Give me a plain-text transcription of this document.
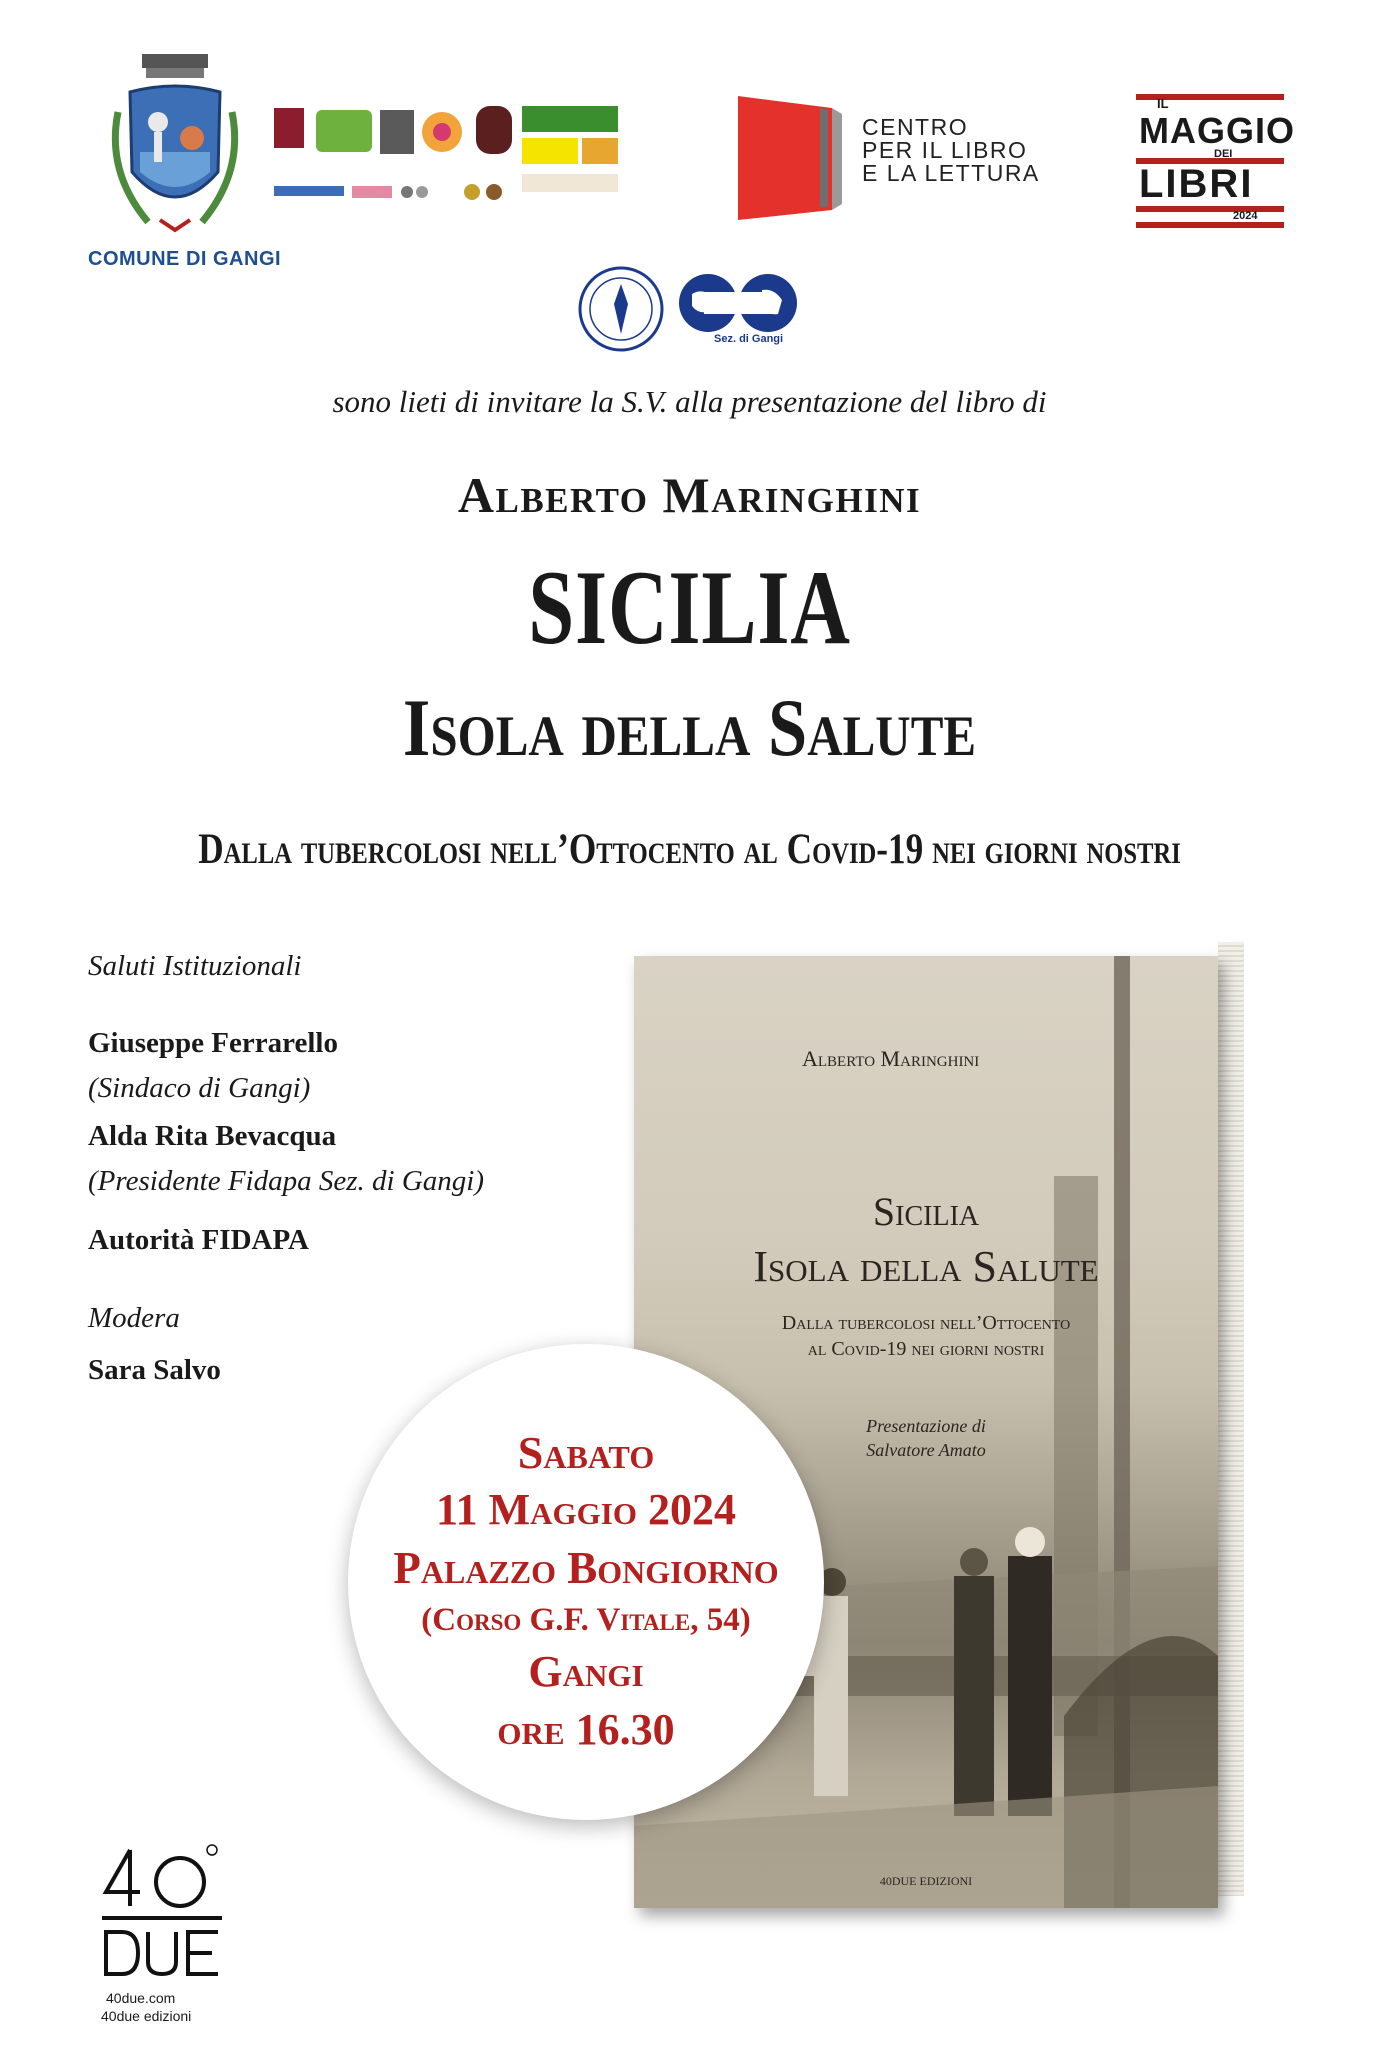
COMUNE DI GANGI
CENTRO
PER IL LIBRO
E LA LETTURA
IL
MAGGIO
DEI
LIBRI
2024
Sez. di Gangi
sono lieti di invitare la S.V. alla presentazione del libro di
Alberto Maringhini
SICILIA
Isola della Salute
Dalla tubercolosi nell’Ottocento al Covid-19 nei giorni nostri
Saluti Istituzionali
Giuseppe Ferrarello
(Sindaco di Gangi)
Alda Rita Bevacqua
(Presidente Fidapa Sez. di Gangi)
Autorità FIDAPA
Modera
Sara Salvo
Alberto Maringhini
Sicilia
Isola della Salute
Dalla tubercolosi nell’Ottocento
al Covid-19 nei giorni nostri
Presentazione di
Salvatore Amato
40DUE EDIZIONI
Sabato
11 Maggio 2024
Palazzo Bongiorno
(Corso G.F. Vitale, 54)
Gangi
ore 16.30
40due.com
40due edizioni
